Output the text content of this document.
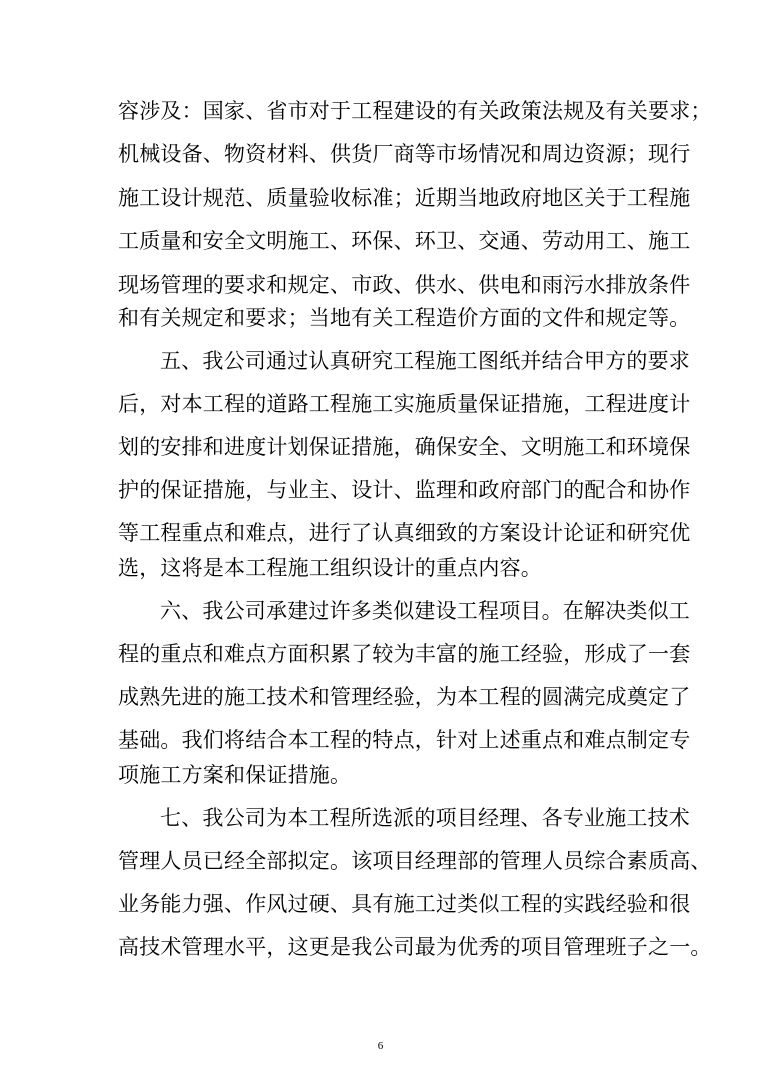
容涉及：国家、省市对于工程建设的有关政策法规及有关要求；
机械设备、物资材料、供货厂商等市场情况和周边资源；现行
施工设计规范、质量验收标准；近期当地政府地区关于工程施
工质量和安全文明施工、环保、环卫、交通、劳动用工、施工
现场管理的要求和规定、市政、供水、供电和雨污水排放条件
和有关规定和要求；当地有关工程造价方面的文件和规定等。
五、我公司通过认真研究工程施工图纸并结合甲方的要求
后，对本工程的道路工程施工实施质量保证措施，工程进度计
划的安排和进度计划保证措施，确保安全、文明施工和环境保
护的保证措施，与业主、设计、监理和政府部门的配合和协作
等工程重点和难点，进行了认真细致的方案设计论证和研究优
选，这将是本工程施工组织设计的重点内容。
六、我公司承建过许多类似建设工程项目。在解决类似工
程的重点和难点方面积累了较为丰富的施工经验，形成了一套
成熟先进的施工技术和管理经验，为本工程的圆满完成奠定了
基础。我们将结合本工程的特点，针对上述重点和难点制定专
项施工方案和保证措施。
七、我公司为本工程所选派的项目经理、各专业施工技术
管理人员已经全部拟定。该项目经理部的管理人员综合素质高、
业务能力强、作风过硬、具有施工过类似工程的实践经验和很
高技术管理水平，这更是我公司最为优秀的项目管理班子之一。
6
